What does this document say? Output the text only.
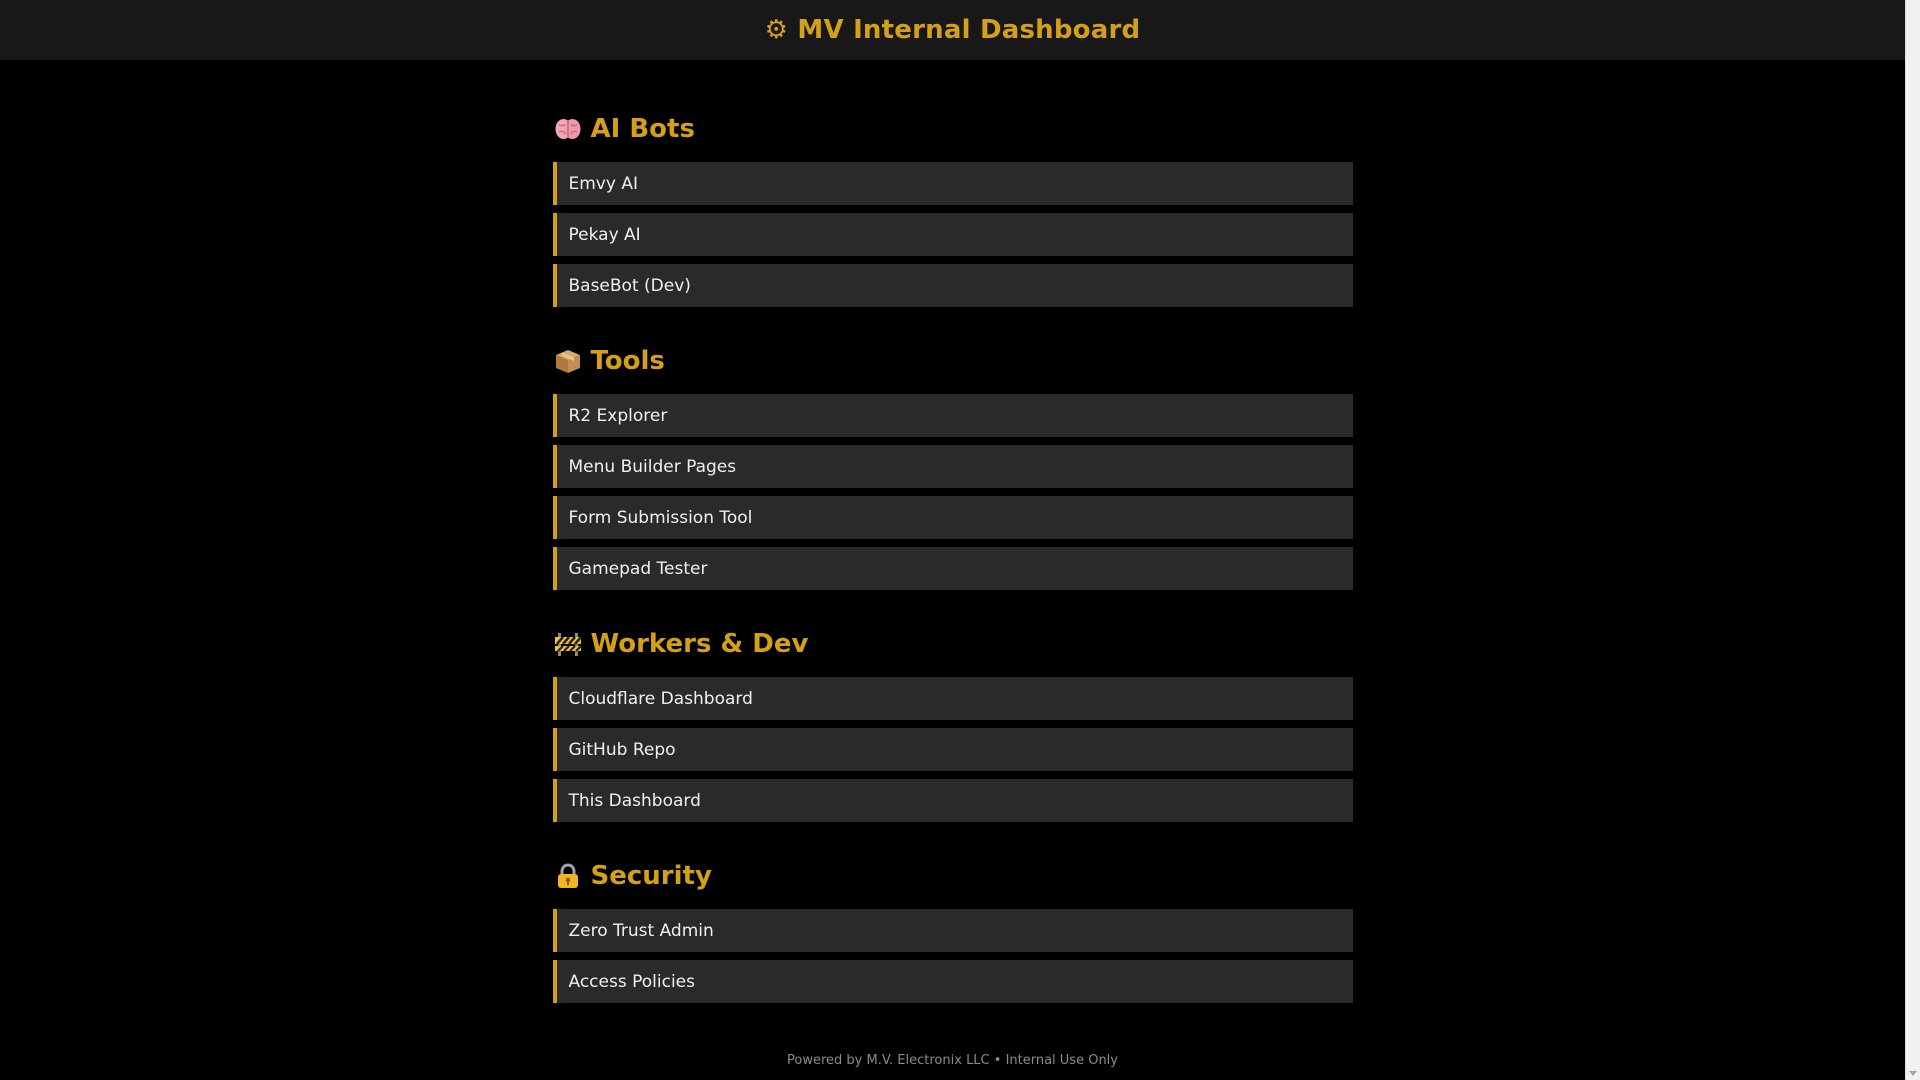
⚙ MV Internal Dashboard
AI Bots
Emvy AI
Pekay AI
BaseBot (Dev)
Tools
R2 Explorer
Menu Builder Pages
Form Submission Tool
Gamepad Tester
Workers & Dev
Cloudflare Dashboard
GitHub Repo
This Dashboard
Security
Zero Trust Admin
Access Policies
Powered by M.V. Electronix LLC • Internal Use Only
